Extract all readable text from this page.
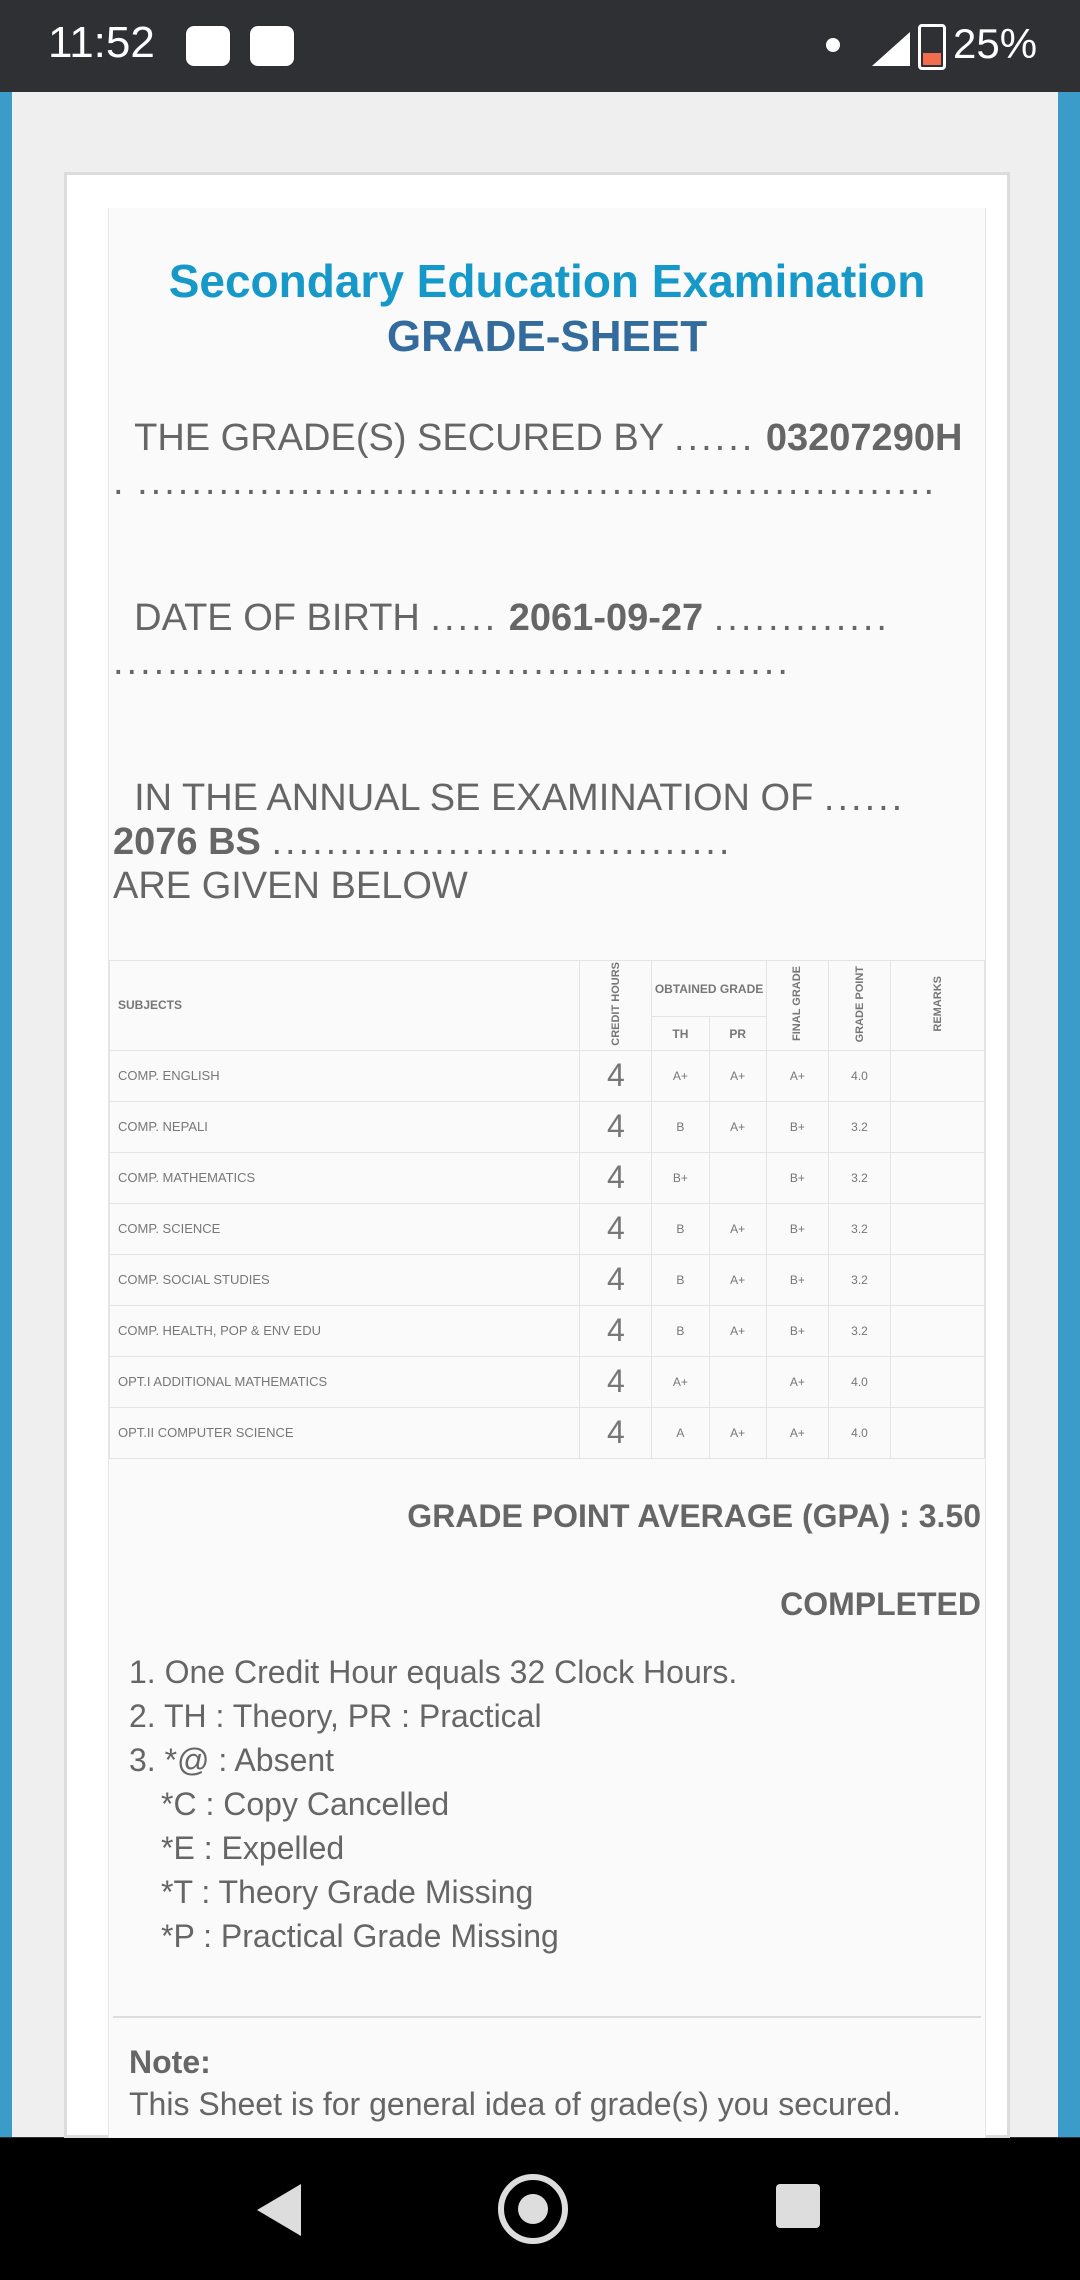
11:52	25%
Secondary Education Examination
GRADE-SHEET
THE GRADE(S) SECURED BY ...... 03207290H . ...........................................................
DATE OF BIRTH ..... 2061-09-27 ............. ..................................................
IN THE ANNUAL SE EXAMINATION OF ......
2076 BS ..................................
ARE GIVEN BELOW
SUBJECTS	CREDIT HOURS	OBTAINED GRADE		FINAL GRADE	GRADE POINT	REMARKS
		TH	PR			
COMP. ENGLISH	4	A+	A+	A+	4.0	
COMP. NEPALI	4	B	A+	B+	3.2	
COMP. MATHEMATICS	4	B+		B+	3.2	
COMP. SCIENCE	4	B	A+	B+	3.2	
COMP. SOCIAL STUDIES	4	B	A+	B+	3.2	
COMP. HEALTH, POP & ENV EDU	4	B	A+	B+	3.2	
OPT.I ADDITIONAL MATHEMATICS	4	A+		A+	4.0	
OPT.II COMPUTER SCIENCE	4	A	A+	A+	4.0	
GRADE POINT AVERAGE (GPA) : 3.50
COMPLETED
1. One Credit Hour equals 32 Clock Hours.
2. TH : Theory, PR : Practical
3. *@ : Absent
*C : Copy Cancelled
*E : Expelled
*T : Theory Grade Missing
*P : Practical Grade Missing
Note:
This Sheet is for general idea of grade(s) you secured.
